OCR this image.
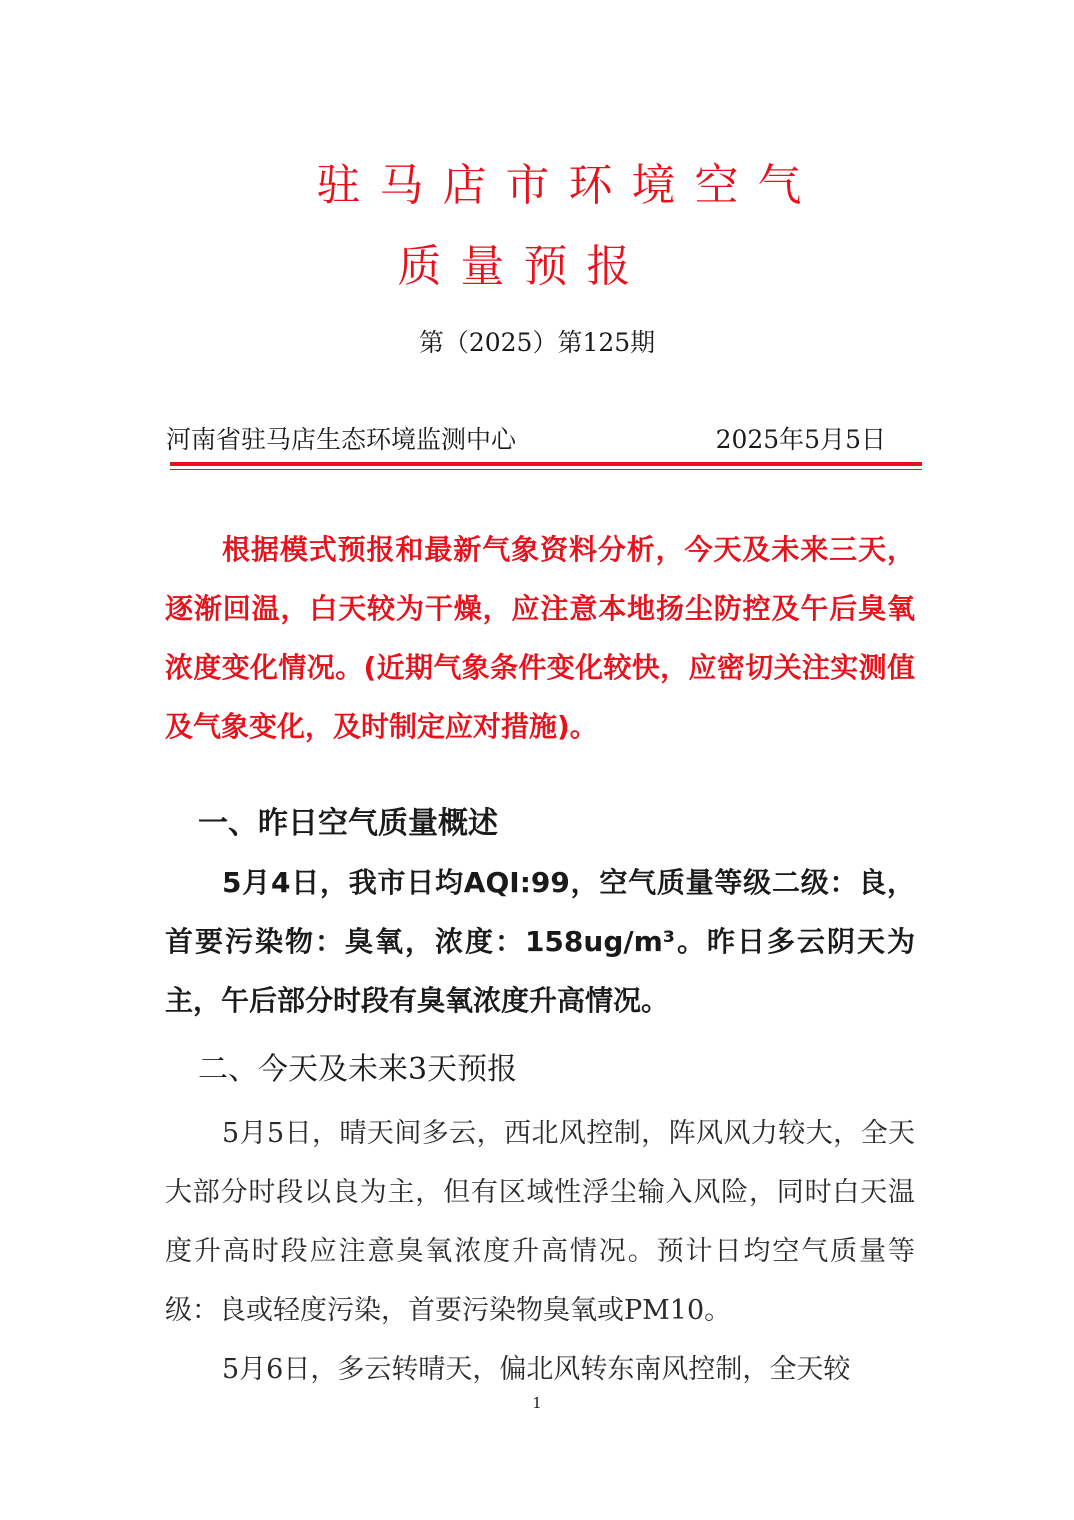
驻马店市环境空气
质量预报
第（2025）第125期
河南省驻马店生态环境监测中心	2025年5月5日

根据模式预报和最新气象资料分析，今天及未来三天，逐渐回温，白天较为干燥，应注意本地扬尘防控及午后臭氧浓度变化情况。(近期气象条件变化较快，应密切关注实测值及气象变化，及时制定应对措施)。

一、昨日空气质量概述

5月4日，我市日均AQI:99，空气质量等级二级：良，首要污染物：臭氧，浓度：158ug/m³。昨日多云阴天为主，午后部分时段有臭氧浓度升高情况。

二、今天及未来3天预报

5月5日，晴天间多云，西北风控制，阵风风力较大，全天大部分时段以良为主，但有区域性浮尘输入风险，同时白天温度升高时段应注意臭氧浓度升高情况。预计日均空气质量等级：良或轻度污染，首要污染物臭氧或PM10。

5月6日，多云转晴天，偏北风转东南风控制，全天较

1
